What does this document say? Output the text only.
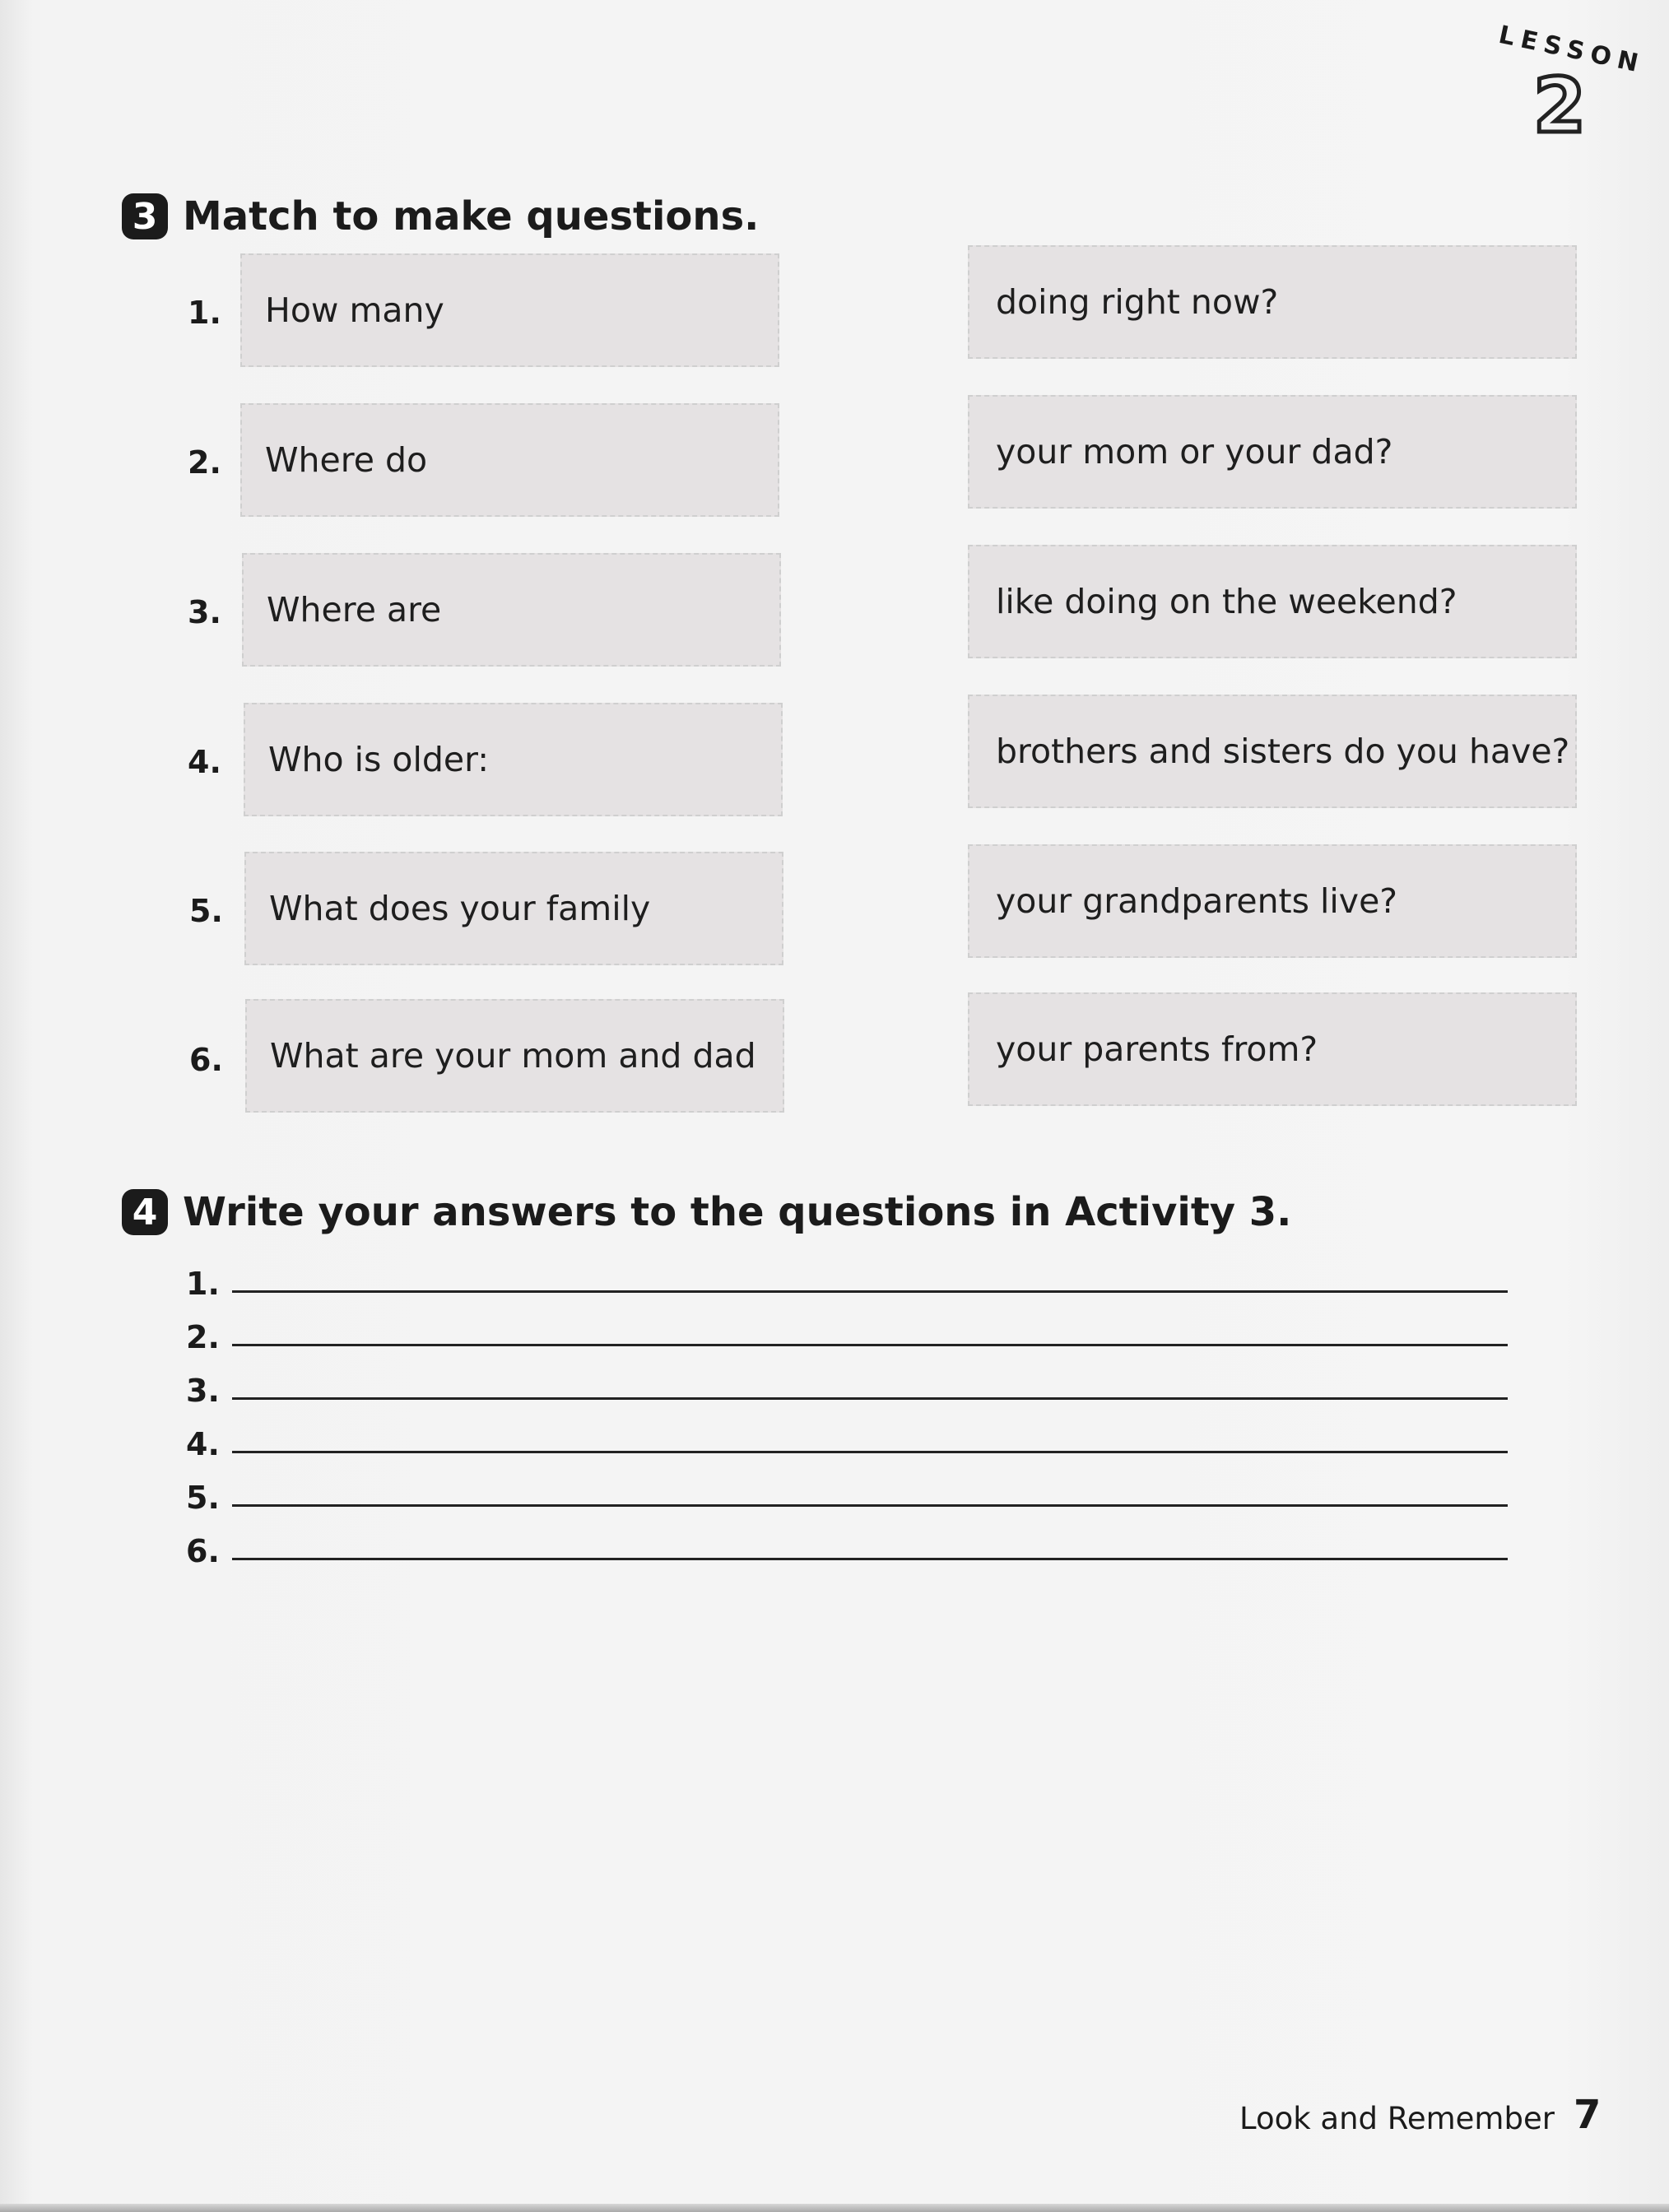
LESSON
2
3 Match to make questions.
1.	How many	doing right now?
2.	Where do	your mom or your dad?
3.	Where are	like doing on the weekend?
4.	Who is older:	brothers and sisters do you have?
5.	What does your family	your grandparents live?
6.	What are your mom and dad	your parents from?
4 Write your answers to the questions in Activity 3.
1.
2.
3.
4.
5.
6.
Look and Remember 7
